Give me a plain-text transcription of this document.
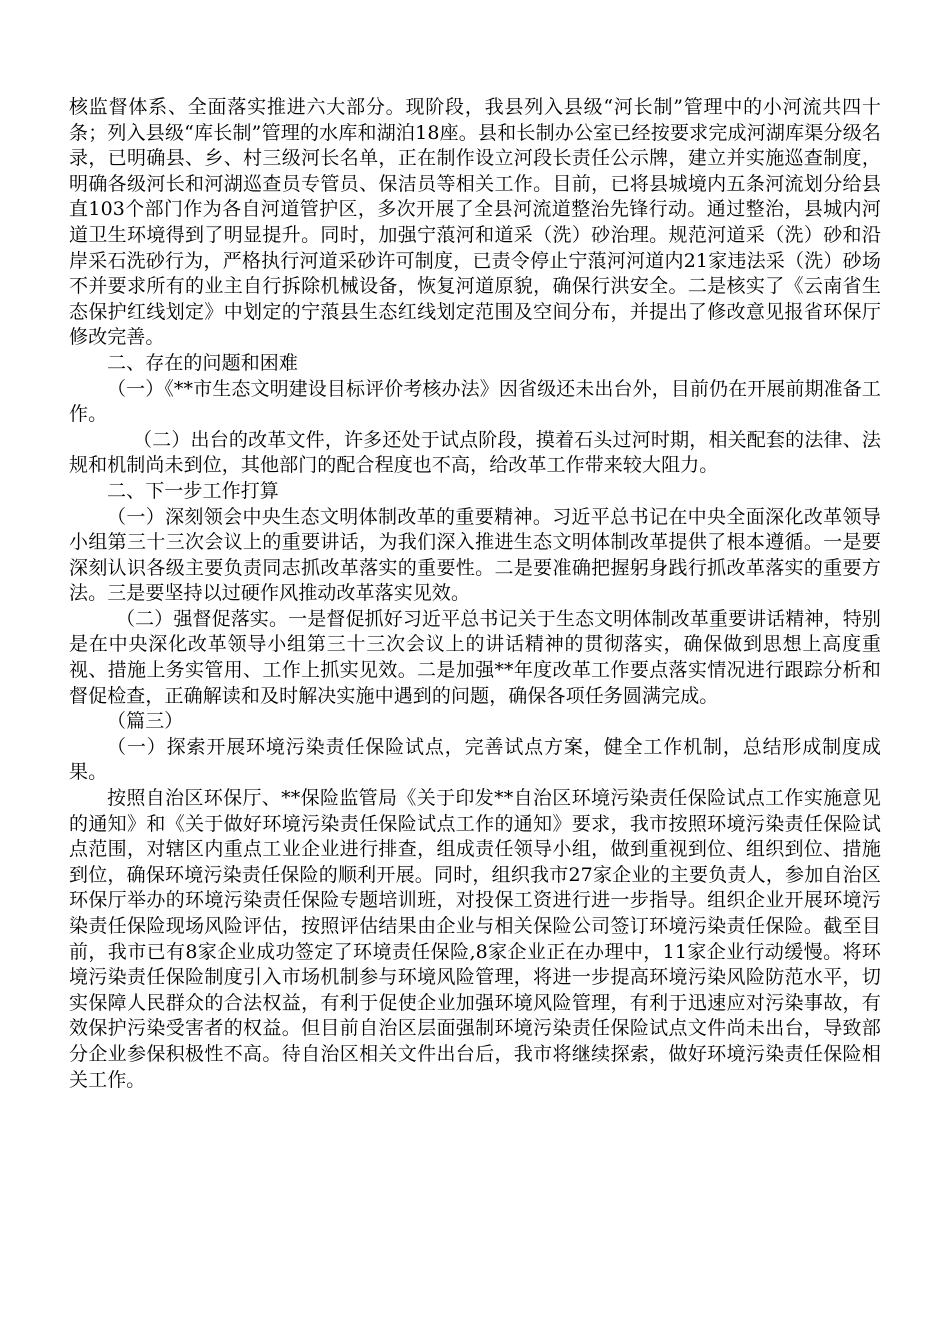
核监督体系、全面落实推进六大部分。现阶段，我县列入县级“河长制”管理中的小河流共四十条；列入县级“库长制”管理的水库和湖泊18座。县和长制办公室已经按要求完成河湖库渠分级名录，已明确县、乡、村三级河长名单，正在制作设立河段长责任公示牌，建立并实施巡查制度，明确各级河长和河湖巡查员专管员、保洁员等相关工作。目前，已将县城境内五条河流划分给县直103个部门作为各自河道管护区，多次开展了全县河流道整治先锋行动。通过整治，县城内河道卫生环境得到了明显提升。同时，加强宁蒗河和道采（洗）砂治理。规范河道采（洗）砂和沿岸采石洗砂行为，严格执行河道采砂许可制度，已责令停止宁蒗河河道内21家违法采（洗）砂场不并要求所有的业主自行拆除机械设备，恢复河道原貌，确保行洪安全。二是核实了《云南省生态保护红线划定》中划定的宁蒗县生态红线划定范围及空间分布，并提出了修改意见报省环保厅修改完善。

二、存在的问题和困难

（一）《**市生态文明建设目标评价考核办法》因省级还未出台外，目前仍在开展前期准备工作。

（二）出台的改革文件，许多还处于试点阶段，摸着石头过河时期，相关配套的法律、法规和机制尚未到位，其他部门的配合程度也不高，给改革工作带来较大阻力。

二、下一步工作打算

（一）深刻领会中央生态文明体制改革的重要精神。习近平总书记在中央全面深化改革领导小组第三十三次会议上的重要讲话，为我们深入推进生态文明体制改革提供了根本遵循。一是要深刻认识各级主要负责同志抓改革落实的重要性。二是要准确把握躬身践行抓改革落实的重要方法。三是要坚持以过硬作风推动改革落实见效。

（二）强督促落实。一是督促抓好习近平总书记关于生态文明体制改革重要讲话精神，特别是在中央深化改革领导小组第三十三次会议上的讲话精神的贯彻落实，确保做到思想上高度重视、措施上务实管用、工作上抓实见效。二是加强**年度改革工作要点落实情况进行跟踪分析和督促检查，正确解读和及时解决实施中遇到的问题，确保各项任务圆满完成。

（篇三）

（一）探索开展环境污染责任保险试点，完善试点方案，健全工作机制，总结形成制度成果。

按照自治区环保厅、**保险监管局《关于印发**自治区环境污染责任保险试点工作实施意见的通知》和《关于做好环境污染责任保险试点工作的通知》要求，我市按照环境污染责任保险试点范围，对辖区内重点工业企业进行排查，组成责任领导小组，做到重视到位、组织到位、措施到位，确保环境污染责任保险的顺利开展。同时，组织我市27家企业的主要负责人，参加自治区环保厅举办的环境污染责任保险专题培训班，对投保工资进行进一步指导。组织企业开展环境污染责任保险现场风险评估，按照评估结果由企业与相关保险公司签订环境污染责任保险。截至目前，我市已有8家企业成功签定了环境责任保险,8家企业正在办理中，11家企业行动缓慢。将环境污染责任保险制度引入市场机制参与环境风险管理，将进一步提高环境污染风险防范水平，切实保障人民群众的合法权益，有利于促使企业加强环境风险管理，有利于迅速应对污染事故，有效保护污染受害者的权益。但目前自治区层面强制环境污染责任保险试点文件尚未出台，导致部分企业参保积极性不高。待自治区相关文件出台后，我市将继续探索，做好环境污染责任保险相关工作。
